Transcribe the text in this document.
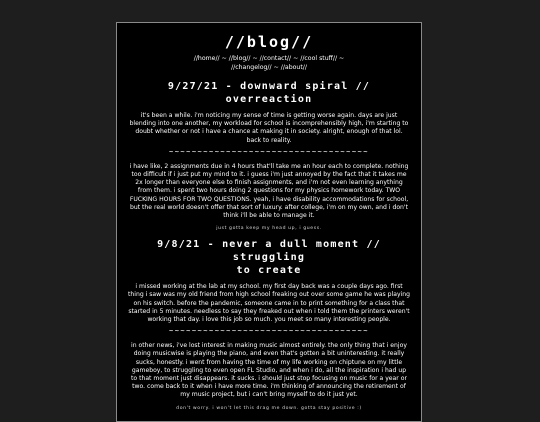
//blog//
//home// ~ //blog// ~ //contact// ~ //cool stuff// ~
//changelog// ~ //about//
9/27/21 - downward spiral // overreaction
it's been a while. i'm noticing my sense of time is getting worse again. days are just blending into one another, my workload for school is incomprehensibly high, i'm starting to doubt whether or not i have a chance at making it in society. alright, enough of that lol. back to reality.
~~~~~~~~~~~~~~~~~~~~~~~~~~~~~~~~~~~
i have like, 2 assignments due in 4 hours that'll take me an hour each to complete. nothing too difficult if i just put my mind to it. i guess i'm just annoyed by the fact that it takes me 2x longer than everyone else to finish assignments, and i'm not even learning anything from them. i spent two hours doing 2 questions for my physics homework today. TWO FUCKING HOURS FOR TWO QUESTIONS. yeah, i have disability accommodations for school, but the real world doesn't offer that sort of luxury. after college, i'm on my own, and i don't think i'll be able to manage it.
just gotta keep my head up, i guess.
9/8/21 - never a dull moment // struggling
to create
i missed working at the lab at my school. my first day back was a couple days ago. first thing i saw was my old friend from high school freaking out over some game he was playing on his switch. before the pandemic, someone came in to print something for a class that started in 5 minutes. needless to say they freaked out when i told them the printers weren't working that day. i love this job so much. you meet so many interesting people.
~~~~~~~~~~~~~~~~~~~~~~~~~~~~~~~~~~~
in other news, i've lost interest in making music almost entirely. the only thing that i enjoy doing musicwise is playing the piano, and even that's gotten a bit uninteresting. it really sucks, honestly. i went from having the time of my life working on chiptune on my little gameboy, to struggling to even open FL Studio, and when i do, all the inspiration i had up to that moment just disappears. it sucks. i should just stop focusing on music for a year or two. come back to it when i have more time. i'm thinking of announcing the retirement of my music project, but i can't bring myself to do it just yet.
don't worry. i won't let this drag me down. gotta stay positive :)
